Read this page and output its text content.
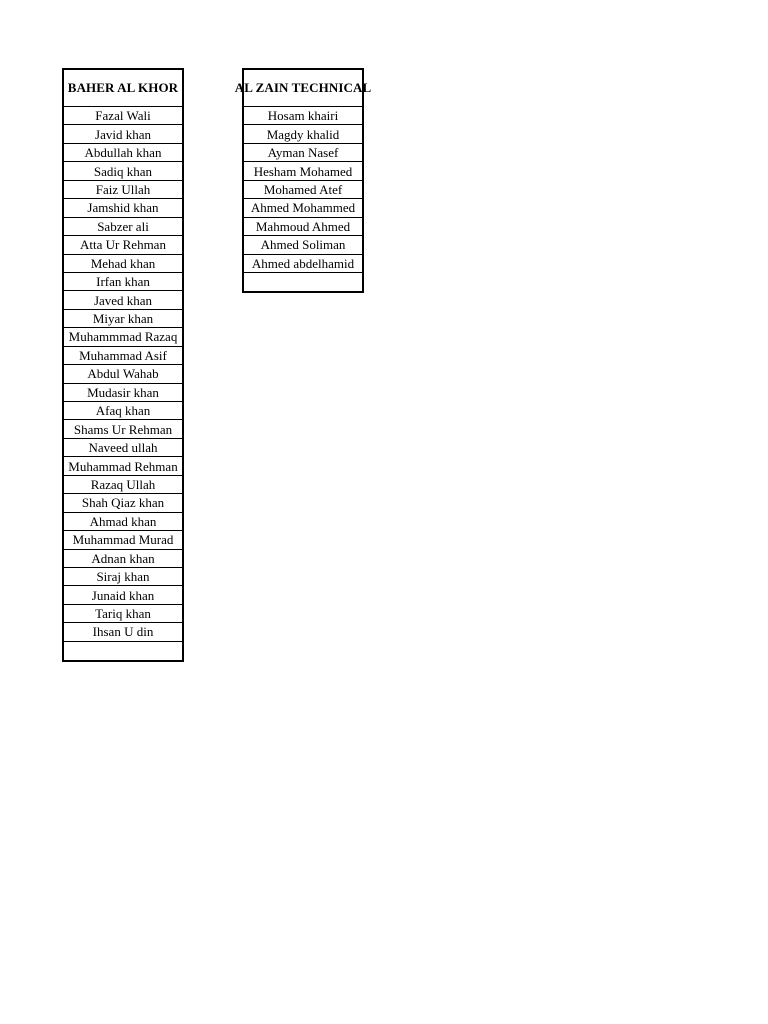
BAHER AL KHOR
Fazal Wali
Javid khan
Abdullah khan
Sadiq khan
Faiz Ullah
Jamshid khan
Sabzer ali
Atta Ur Rehman
Mehad khan
Irfan khan
Javed khan
Miyar khan
Muhammmad Razaq
Muhammad Asif
Abdul Wahab
Mudasir khan
Afaq khan
Shams Ur Rehman
Naveed ullah
Muhammad Rehman
Razaq Ullah
Shah Qiaz khan
Ahmad khan
Muhammad Murad
Adnan khan
Siraj khan
Junaid khan
Tariq khan
Ihsan U din
AL ZAIN TECHNICAL
Hosam khairi
Magdy khalid
Ayman Nasef
Hesham Mohamed
Mohamed Atef
Ahmed Mohammed
Mahmoud Ahmed
Ahmed Soliman
Ahmed abdelhamid
